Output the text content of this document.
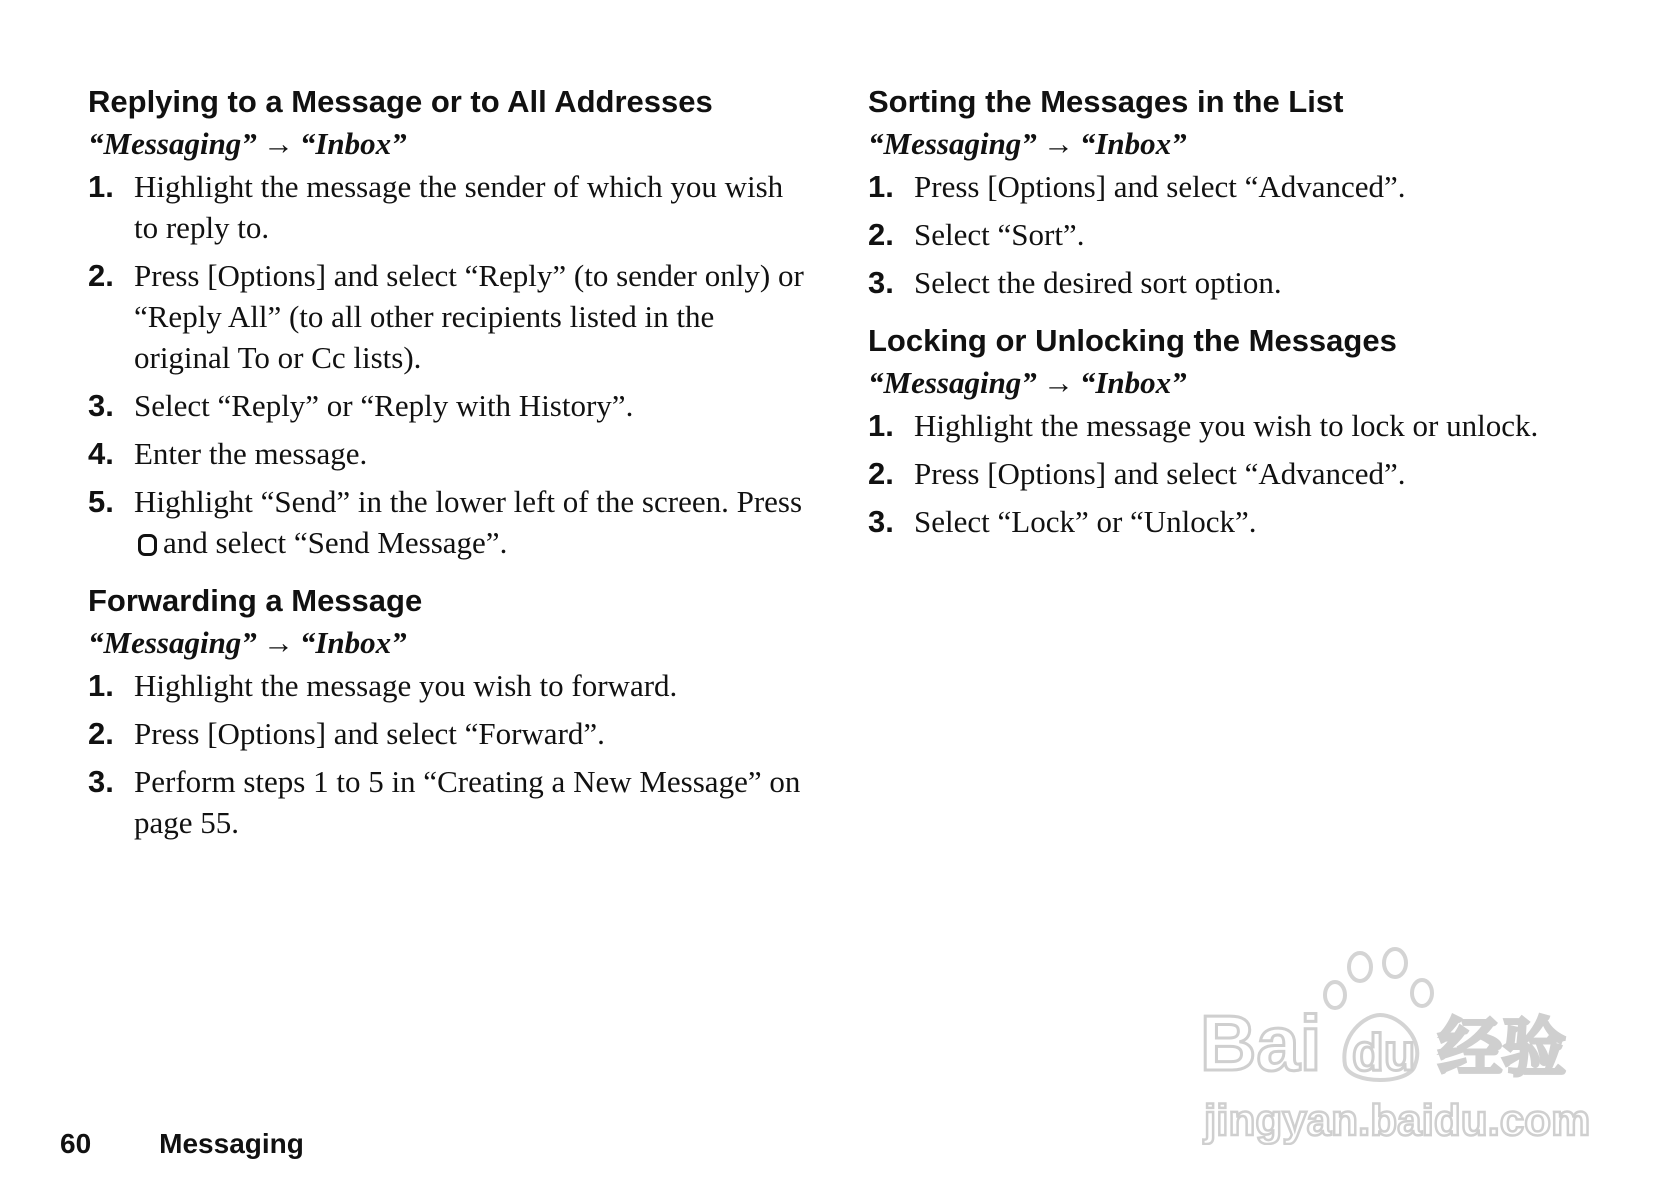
Replying to a Message or to All Addresses

“Messaging” → “Inbox”

1. Highlight the message the sender of which you wish to reply to.
2. Press [Options] and select “Reply” (to sender only) or “Reply All” (to all other recipients listed in the original To or Cc lists).
3. Select “Reply” or “Reply with History”.
4. Enter the message.
5. Highlight “Send” in the lower left of the screen. Pressand select “Send Message”.
Forwarding a Message

“Messaging” → “Inbox”

1. Highlight the message you wish to forward.
2. Press [Options] and select “Forward”.
3. Perform steps 1 to 5 in “Creating a New Message” on page 55.
Sorting the Messages in the List

“Messaging” → “Inbox”

1. Press [Options] and select “Advanced”.
2. Select “Sort”.
3. Select the desired sort option.
Locking or Unlocking the Messages

“Messaging” → “Inbox”

1. Highlight the message you wish to lock or unlock.
2. Press [Options] and select “Advanced”.
3. Select “Lock” or “Unlock”.
60 Messaging
Bai du 经验
jingyan.baidu.com
